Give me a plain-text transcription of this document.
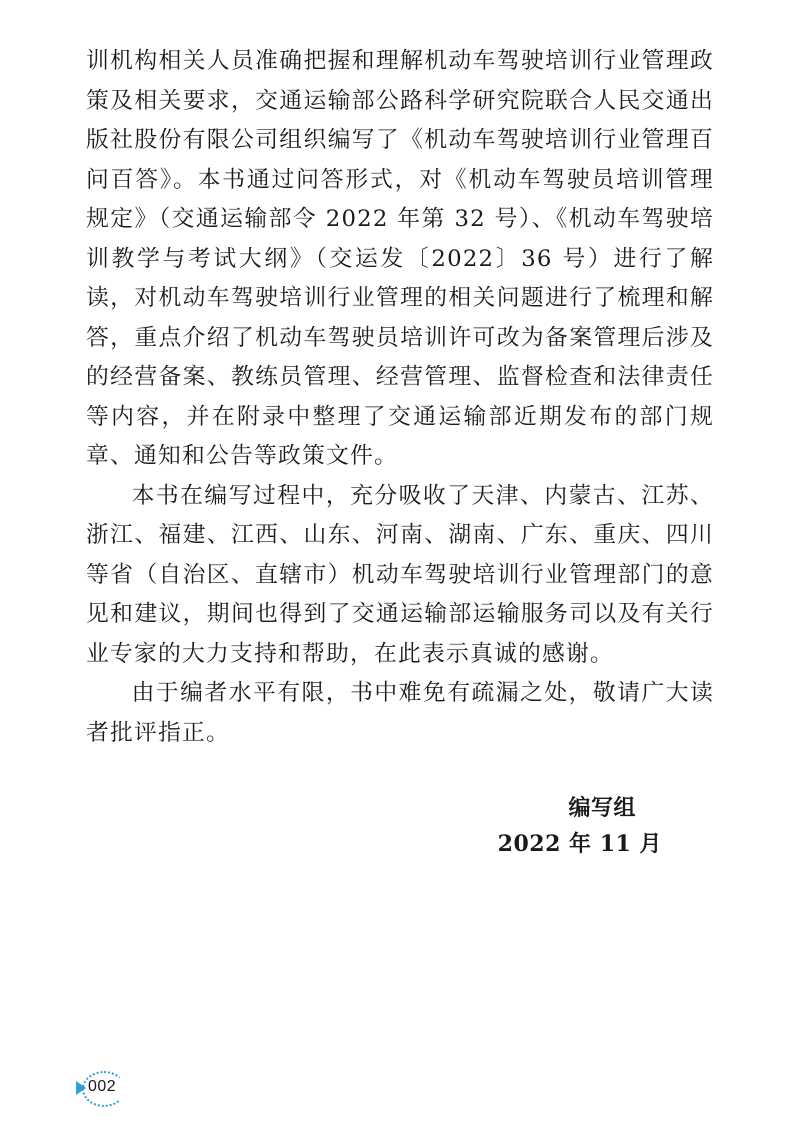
训机构相关人员准确把握和理解机动车驾驶培训行业管理政策及相关要求，交通运输部公路科学研究院联合人民交通出版社股份有限公司组织编写了《机动车驾驶培训行业管理百问百答》。本书通过问答形式，对《机动车驾驶员培训管理规定》（交通运输部令 2022 年第 32 号）、《机动车驾驶培训教学与考试大纲》（交运发〔2022〕36 号）进行了解读，对机动车驾驶培训行业管理的相关问题进行了梳理和解答，重点介绍了机动车驾驶员培训许可改为备案管理后涉及的经营备案、教练员管理、经营管理、监督检查和法律责任等内容，并在附录中整理了交通运输部近期发布的部门规章、通知和公告等政策文件。

本书在编写过程中，充分吸收了天津、内蒙古、江苏、浙江、福建、江西、山东、河南、湖南、广东、重庆、四川等省（自治区、直辖市）机动车驾驶培训行业管理部门的意见和建议，期间也得到了交通运输部运输服务司以及有关行业专家的大力支持和帮助，在此表示真诚的感谢。

由于编者水平有限，书中难免有疏漏之处，敬请广大读者批评指正。

编写组
2022 年 11 月
002
